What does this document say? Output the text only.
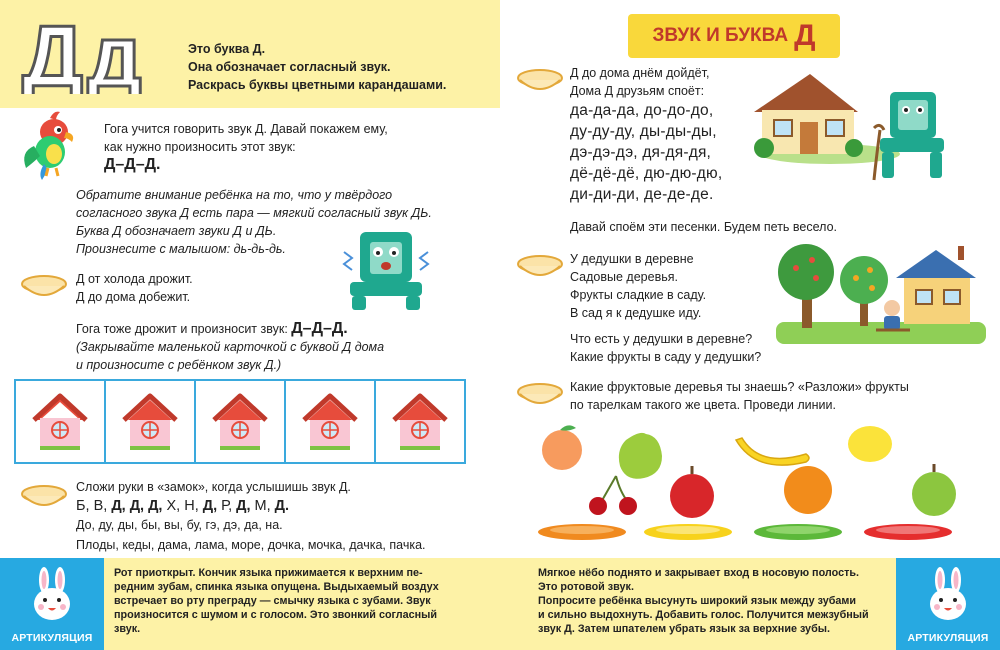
Дд	Это буква Д.
Она обозначает согласный звук.
Раскрась буквы цветными карандашами.
Гога учится говорить звук Д. Давай покажем ему,
как нужно произносить этот звук:
Д–Д–Д.
Обратите внимание ребёнка на то, что у твёрдого
согласного звука Д есть пара — мягкий согласный звук ДЬ.
Буква Д обозначает звуки Д и ДЬ.
Произнесите с малышом: дь-дь-дь.
Д от холода дрожит.
Д до дома добежит.
Гога тоже дрожит и произносит звук: Д–Д–Д.
(Закрывайте маленькой карточкой с буквой Д дома
и произносите с ребёнком звук Д.)
Сложи руки в «замок», когда услышишь звук Д.
Б, В, Д, Д, Д, Х, Н, Д, Р, Д, М, Д.
До, ду, ды, бы, вы, бу, гэ, дэ, да, на.
Плоды, кеды, дама, лама, море, дочка, мочка, дачка, пачка.
АРТИКУЛЯЦИЯ
Рот приоткрыт. Кончик языка прижимается к верхним пе-
редним зубам, спинка языка опущена. Выдыхаемый воздух
встречает во рту преграду — смычку языка с зубами. Звук
произносится с шумом и с голосом. Это звонкий согласный
звук.
ЗВУК И БУКВА Д
Д до дома днём дойдёт,
Дома Д друзьям споёт:
да-да-да, до-до-до,
ду-ду-ду, ды-ды-ды,
дэ-дэ-дэ, дя-дя-дя,
дё-дё-дё, дю-дю-дю,
ди-ди-ди, де-де-де.
Давай споём эти песенки. Будем петь весело.
У дедушки в деревне
Садовые деревья.
Фрукты сладкие в саду.
В сад я к дедушке иду.
Что есть у дедушки в деревне?
Какие фрукты в саду у дедушки?
Какие фруктовые деревья ты знаешь? «Разложи» фрукты
по тарелкам такого же цвета. Проведи линии.
Мягкое нёбо поднято и закрывает вход в носовую полость.
Это ротовой звук.
Попросите ребёнка высунуть широкий язык между зубами
и сильно выдохнуть. Добавить голос. Получится межзубный
звук Д. Затем шпателем убрать язык за верхние зубы.
АРТИКУЛЯЦИЯ
